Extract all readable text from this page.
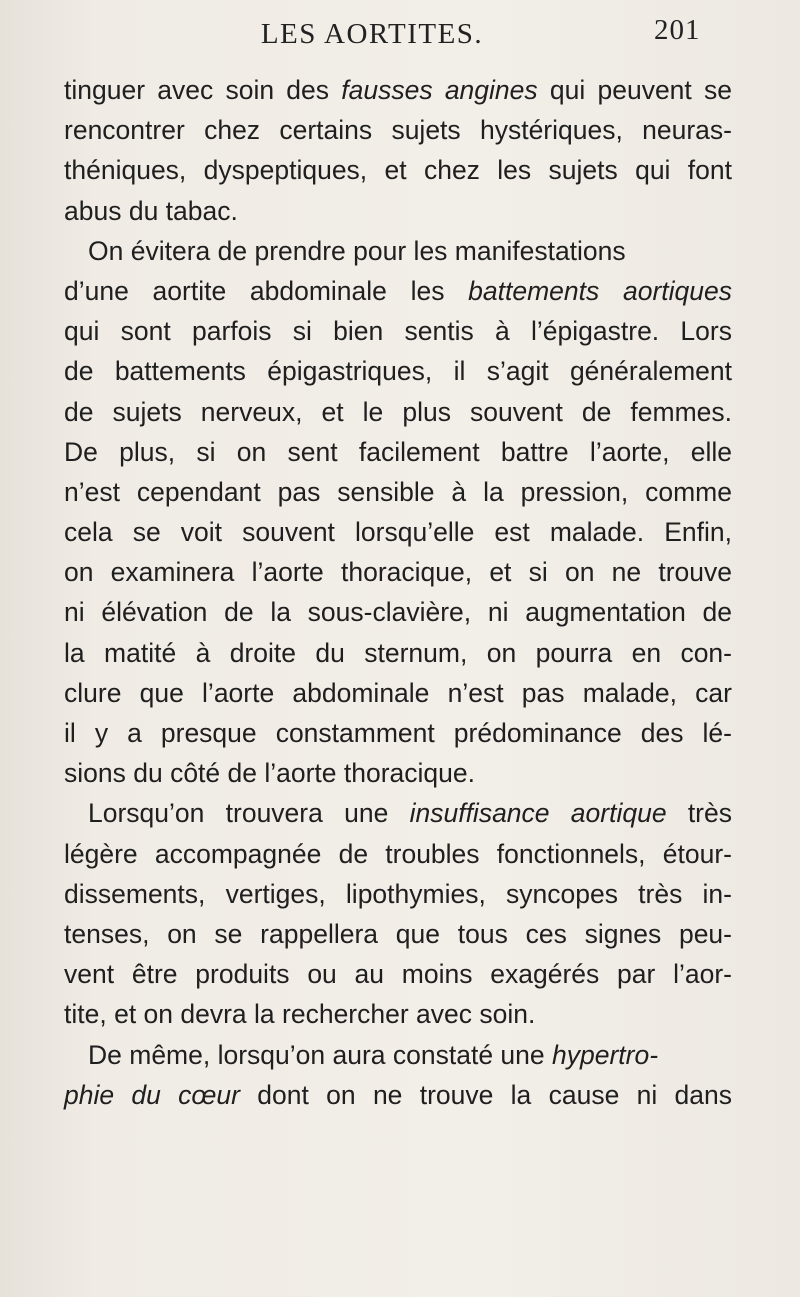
LES AORTITES.	201
tinguer avec soin des fausses angines qui peuvent se
rencontrer chez certains sujets hystériques, neuras-
théniques, dyspeptiques, et chez les sujets qui font
abus du tabac.
On évitera de prendre pour les manifestations
d’une aortite abdominale les battements aortiques
qui sont parfois si bien sentis à l’épigastre. Lors
de battements épigastriques, il s’agit généralement
de sujets nerveux, et le plus souvent de femmes.
De plus, si on sent facilement battre l’aorte, elle
n’est cependant pas sensible à la pression, comme
cela se voit souvent lorsqu’elle est malade. Enfin,
on examinera l’aorte thoracique, et si on ne trouve
ni élévation de la sous-clavière, ni augmentation de
la matité à droite du sternum, on pourra en con-
clure que l’aorte abdominale n’est pas malade, car
il y a presque constamment prédominance des lé-
sions du côté de l’aorte thoracique.
Lorsqu’on trouvera une insuffisance aortique très
légère accompagnée de troubles fonctionnels, étour-
dissements, vertiges, lipothymies, syncopes très in-
tenses, on se rappellera que tous ces signes peu-
vent être produits ou au moins exagérés par l’aor-
tite, et on devra la rechercher avec soin.
De même, lorsqu’on aura constaté une hypertro-
phie du cœur dont on ne trouve la cause ni dans
